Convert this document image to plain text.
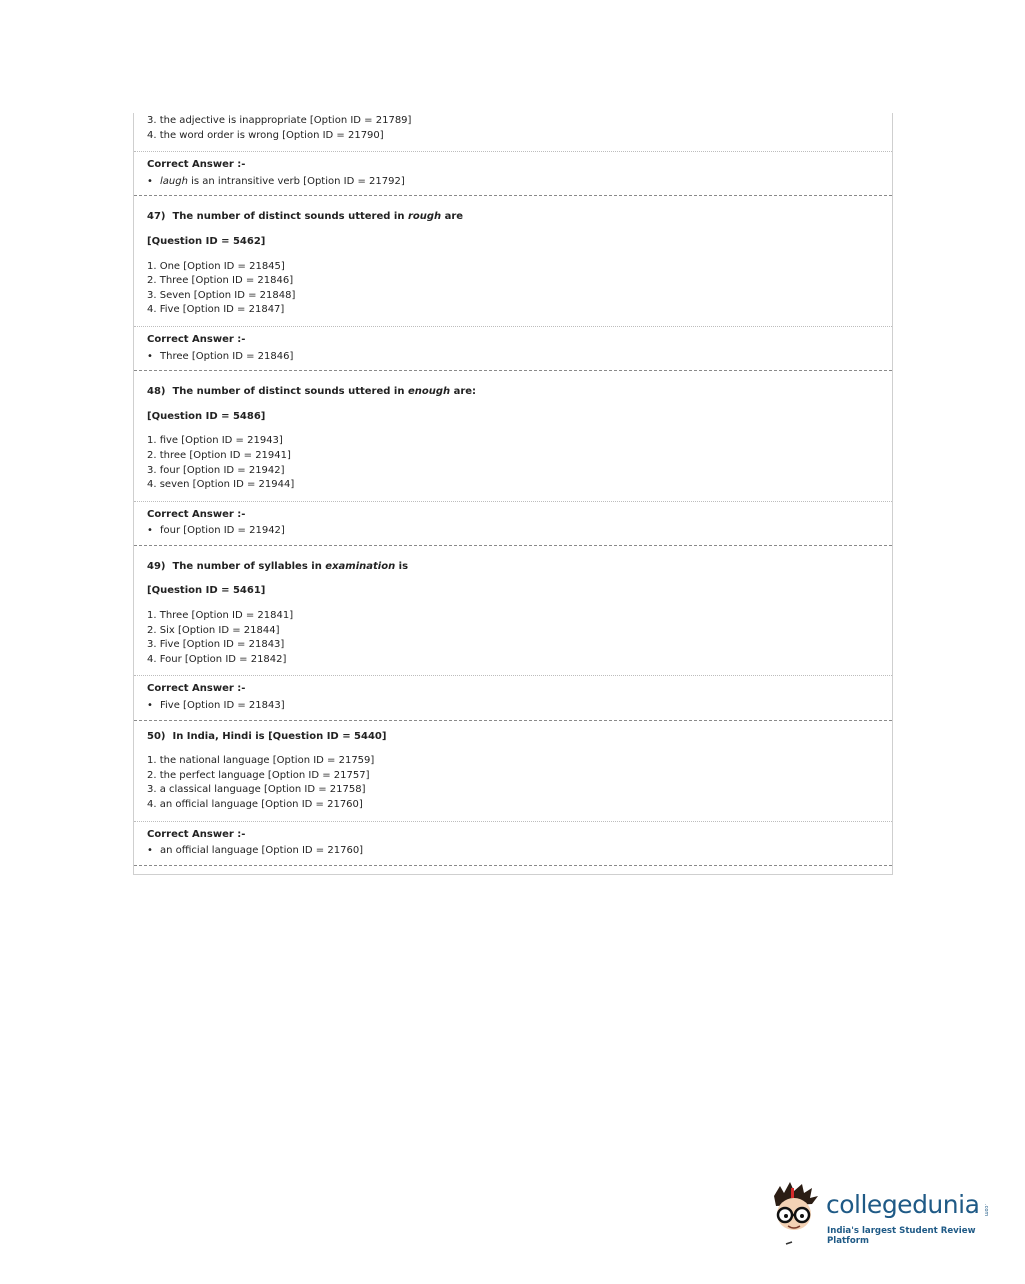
3. the adjective is inappropriate [Option ID = 21789]
4. the word order is wrong [Option ID = 21790]
Correct Answer :-
• laugh is an intransitive verb [Option ID = 21792]
47) The number of distinct sounds uttered in rough are
[Question ID = 5462]
1. One [Option ID = 21845]
2. Three [Option ID = 21846]
3. Seven [Option ID = 21848]
4. Five [Option ID = 21847]
Correct Answer :-
• Three [Option ID = 21846]
48) The number of distinct sounds uttered in enough are:
[Question ID = 5486]
1. five [Option ID = 21943]
2. three [Option ID = 21941]
3. four [Option ID = 21942]
4. seven [Option ID = 21944]
Correct Answer :-
• four [Option ID = 21942]
49) The number of syllables in examination is
[Question ID = 5461]
1. Three [Option ID = 21841]
2. Six [Option ID = 21844]
3. Five [Option ID = 21843]
4. Four [Option ID = 21842]
Correct Answer :-
• Five [Option ID = 21843]
50) In India, Hindi is [Question ID = 5440]
1. the national language [Option ID = 21759]
2. the perfect language [Option ID = 21757]
3. a classical language [Option ID = 21758]
4. an official language [Option ID = 21760]
Correct Answer :-
• an official language [Option ID = 21760]
collegedunia .com
India's largest Student Review Platform
